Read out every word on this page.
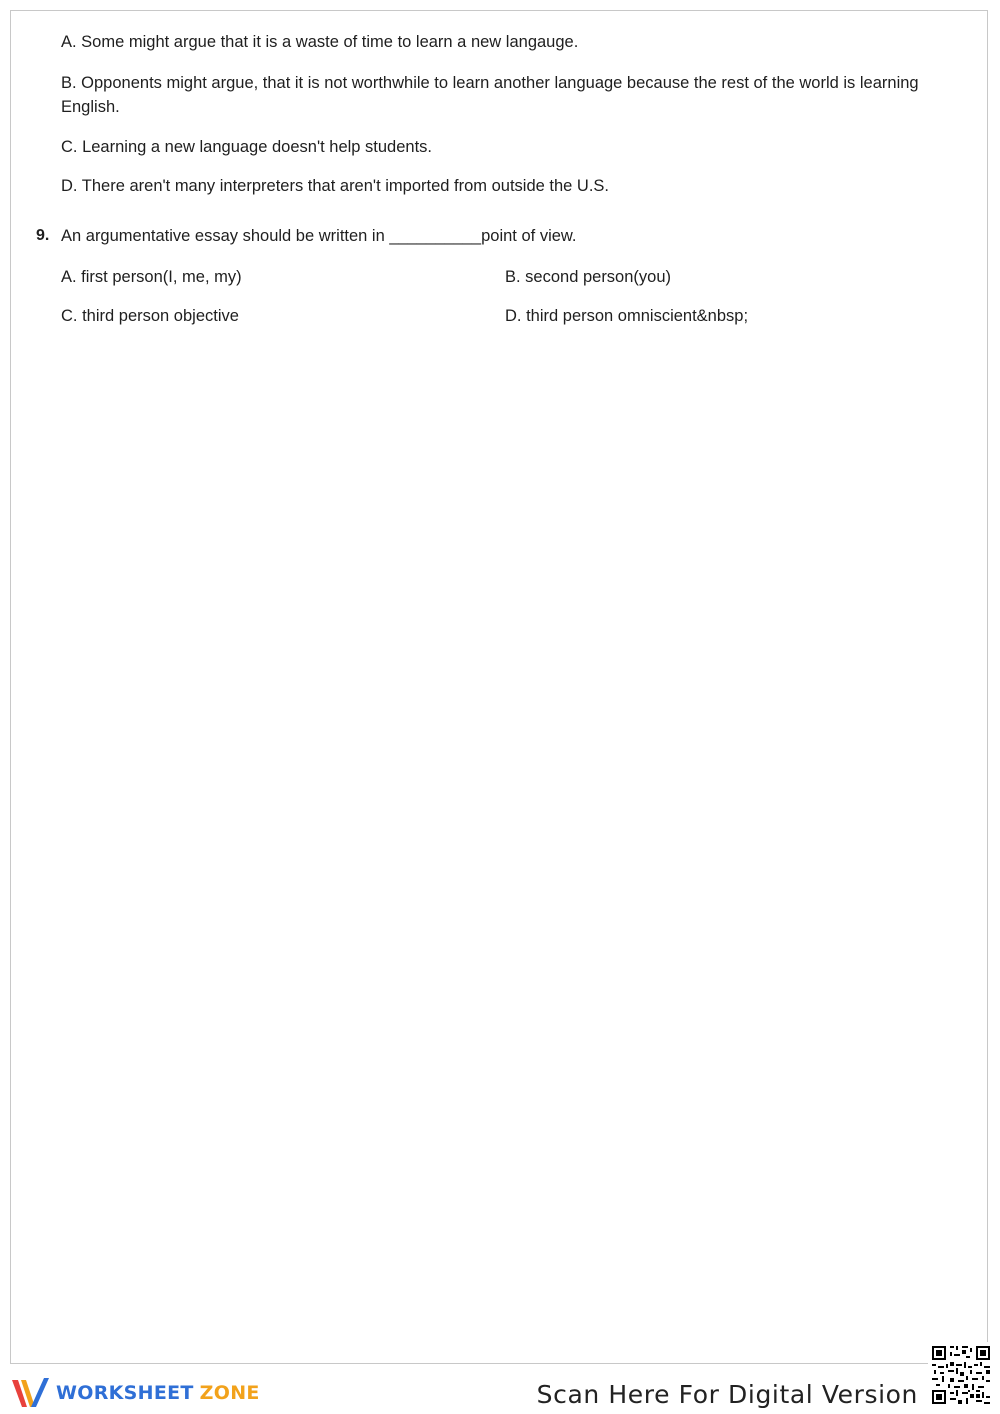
A. Some might argue that it is a waste of time to learn a new langauge.

B. Opponents might argue, that it is not worthwhile to learn another language because the rest of the world is learning English.

C. Learning a new language doesn't help students.

D. There aren't many interpreters that aren't imported from outside the U.S.

9. An argumentative essay should be written in __________point of view.

A. first person(I, me, my)	B. second person(you)

C. third person objective	D. third person omniscient&nbsp;

WORKSHEET ZONE	Scan Here For Digital Version
